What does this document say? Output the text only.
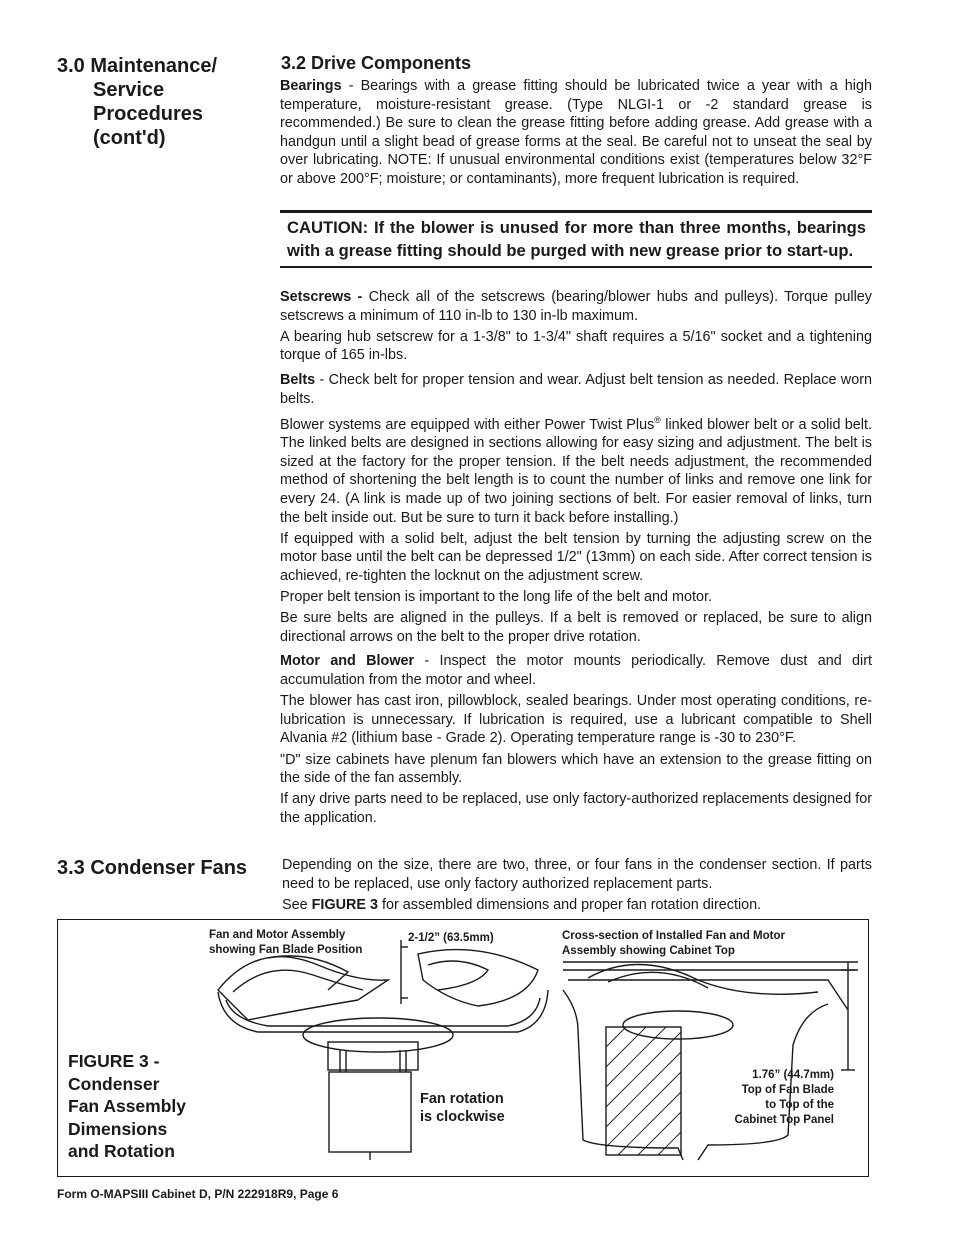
3.0 Maintenance/

Service
Procedures
(cont'd)
3.2 Drive Components

Bearings - Bearings with a grease fitting should be lubricated twice a year with a high temperature, moisture-resistant grease. (Type NLGI-1 or -2 standard grease is recommended.) Be sure to clean the grease fitting before adding grease. Add grease with a handgun until a slight bead of grease forms at the seal. Be careful not to unseat the seal by over lubricating. NOTE: If unusual environmental conditions exist (temperatures below 32°F or above 200°F; moisture; or contaminants), more frequent lubrication is required.

CAUTION: If the blower is unused for more than three months, bearings with a grease fitting should be purged with new grease prior to start-up.

Setscrews - Check all of the setscrews (bearing/blower hubs and pulleys). Torque pulley setscrews a minimum of 110 in-lb to 130 in-lb maximum.

A bearing hub setscrew for a 1-3/8" to 1-3/4" shaft requires a 5/16" socket and a tightening torque of 165 in-lbs.

Belts - Check belt for proper tension and wear. Adjust belt tension as needed. Replace worn belts.

Blower systems are equipped with either Power Twist Plus® linked blower belt or a solid belt. The linked belts are designed in sections allowing for easy sizing and adjustment. The belt is sized at the factory for the proper tension. If the belt needs adjustment, the recommended method of shortening the belt length is to count the number of links and remove one link for every 24. (A link is made up of two joining sections of belt. For easier removal of links, turn the belt inside out. But be sure to turn it back before installing.)

If equipped with a solid belt, adjust the belt tension by turning the adjusting screw on the motor base until the belt can be depressed 1/2" (13mm) on each side. After correct tension is achieved, re-tighten the locknut on the adjustment screw.

Proper belt tension is important to the long life of the belt and motor.

Be sure belts are aligned in the pulleys. If a belt is removed or replaced, be sure to align directional arrows on the belt to the proper drive rotation.

Motor and Blower - Inspect the motor mounts periodically. Remove dust and dirt accumulation from the motor and wheel.

The blower has cast iron, pillowblock, sealed bearings. Under most operating conditions, re-lubrication is unnecessary. If lubrication is required, use a lubricant compatible to Shell Alvania #2 (lithium base - Grade 2). Operating temperature range is -30 to 230°F.

"D" size cabinets have plenum fan blowers which have an extension to the grease fitting on the side of the fan assembly.

If any drive parts need to be replaced, use only factory-authorized replacements designed for the application.

3.3 Condenser Fans Depending on the size, there are two, three, or four fans in the condenser section. If parts need to be replaced, use only factory authorized replacement parts.

See FIGURE 3 for assembled dimensions and proper fan rotation direction.

Fan and Motor Assembly
showing Fan Blade Position
2-1/2” (63.5mm)	Cross-section of Installed Fan and Motor
Assembly showing Cabinet Top
Fan rotation
is clockwise
1.76” (44.7mm)
Top of Fan Blade
to Top of the
Cabinet Top Panel
FIGURE 3 -
Condenser
Fan Assembly
Dimensions
and Rotation
Form O-MAPSIII Cabinet D, P/N 222918R9, Page 6
